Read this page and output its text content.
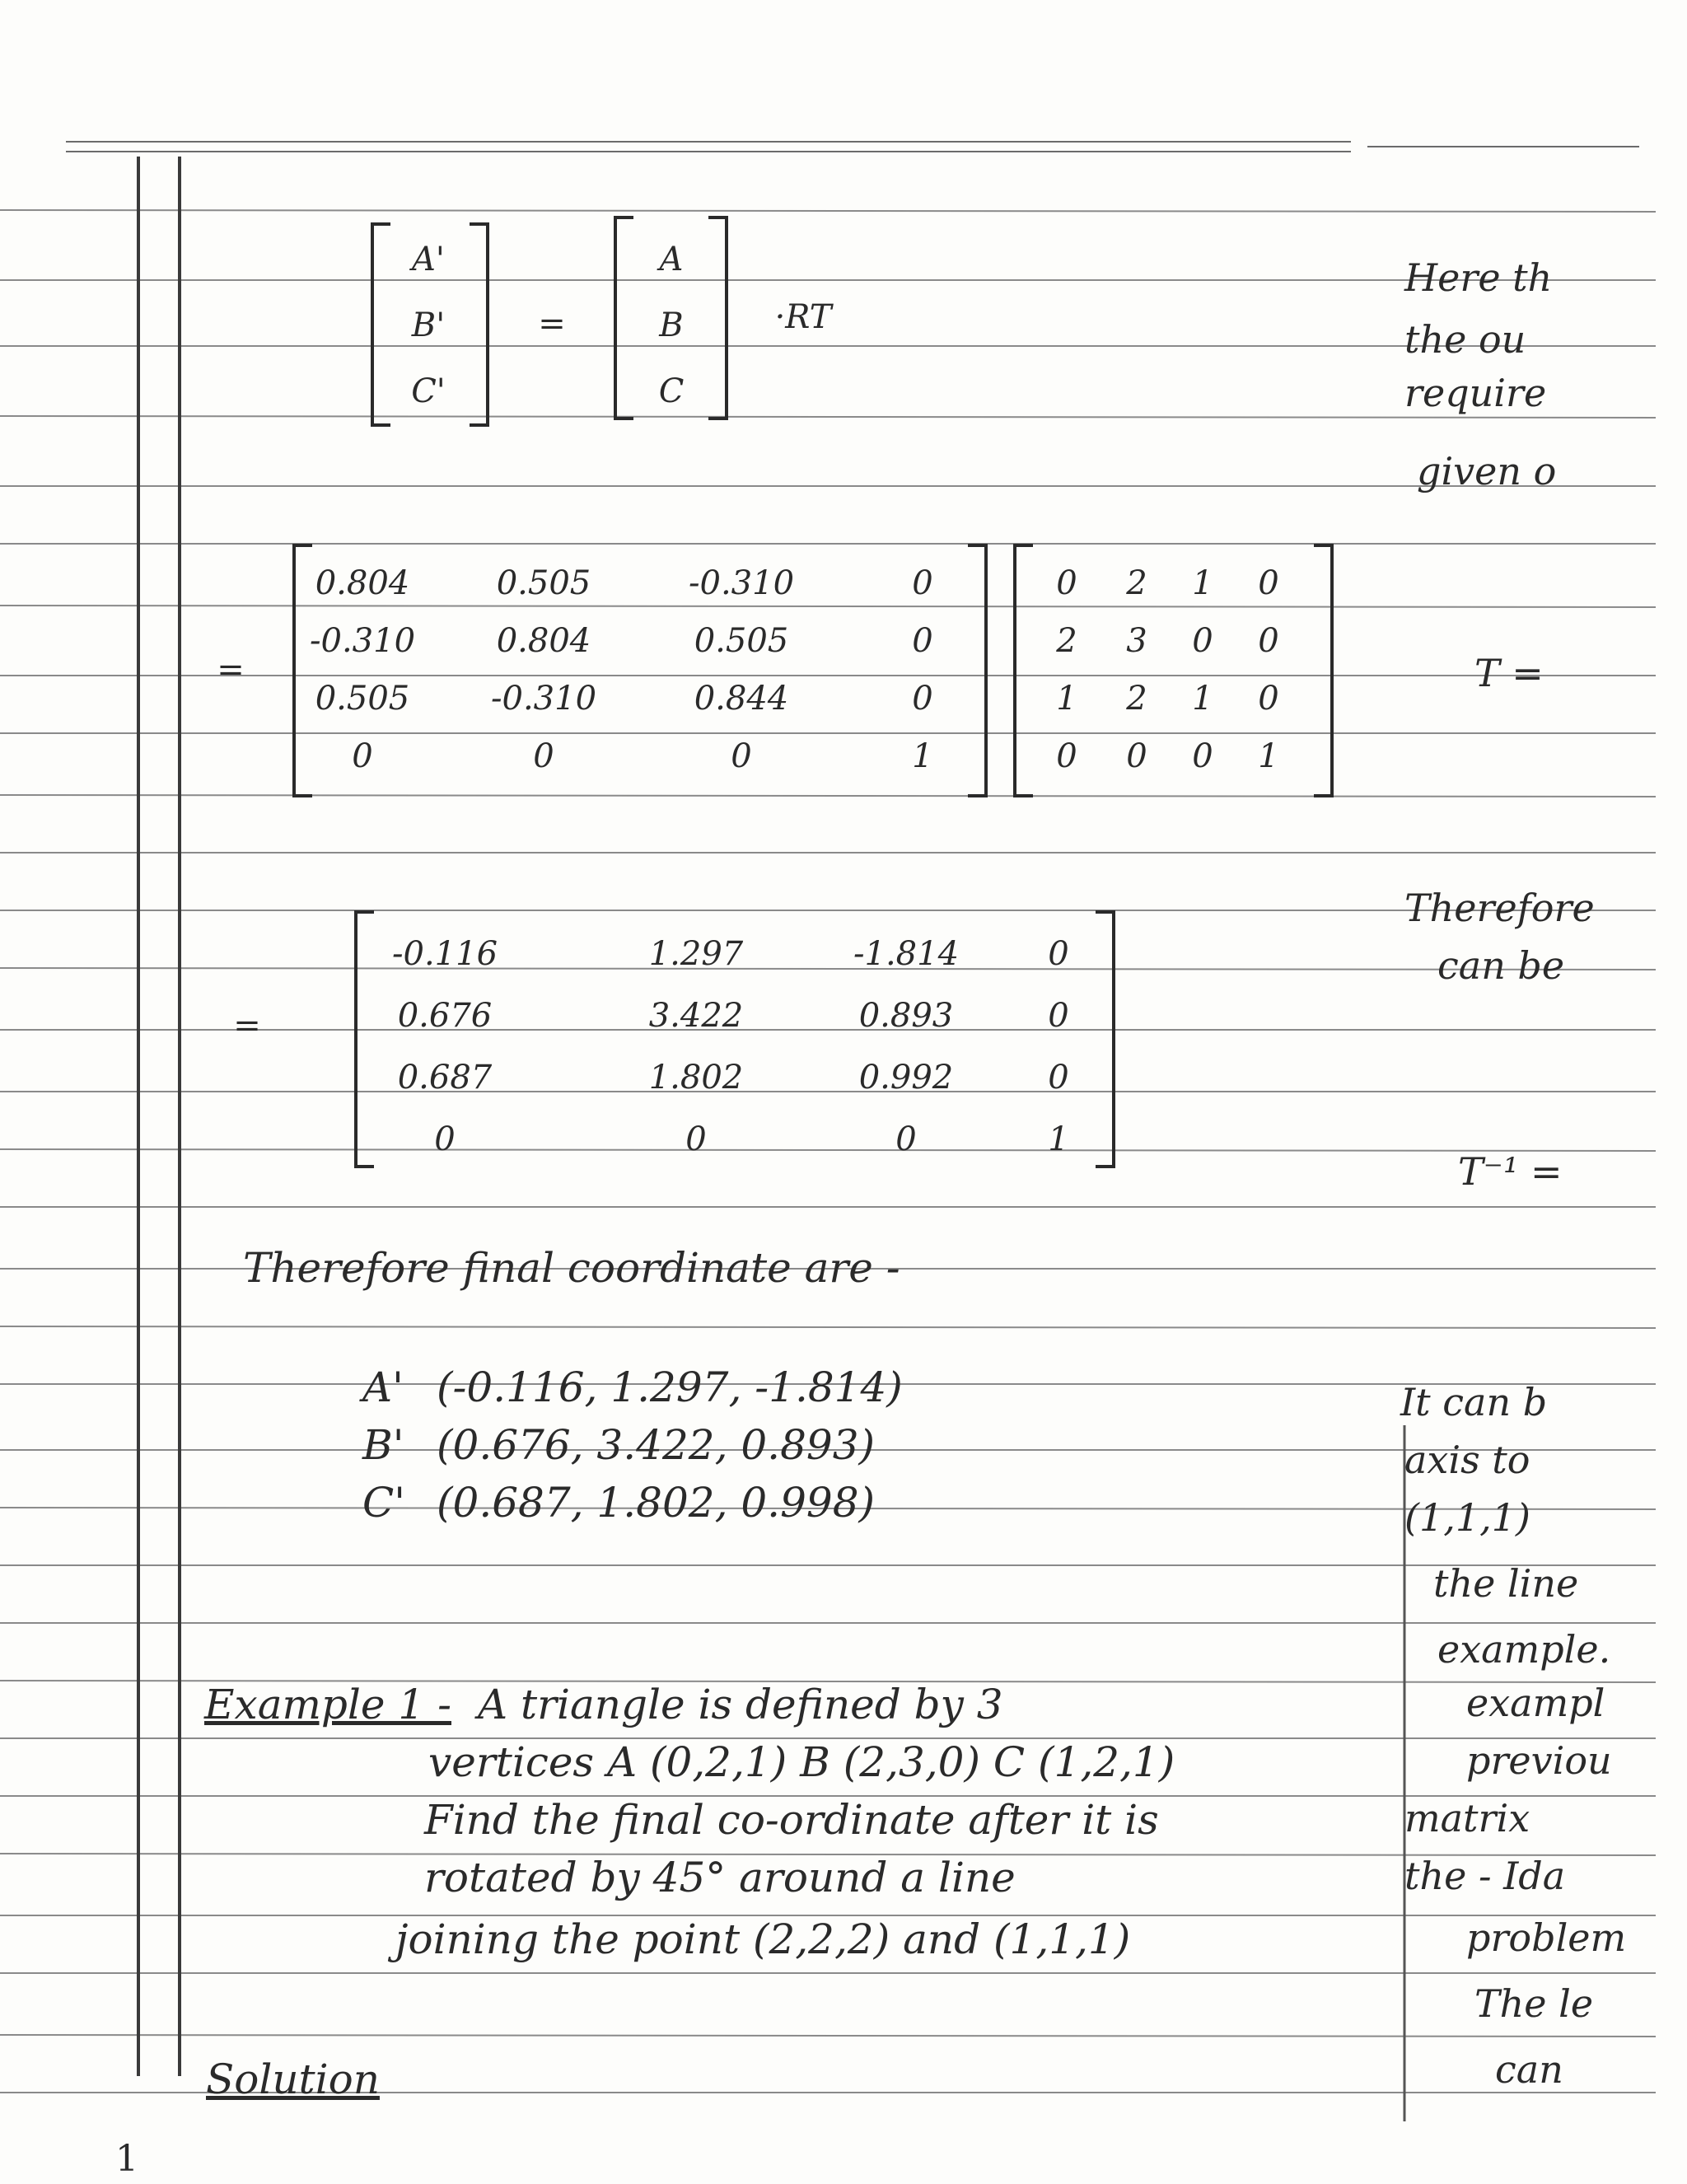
A'
B'
C'
=
A
B
C
·RT
=
0.804	0.505	-0.310	0
-0.310	0.804	0.505	0
0.505	-0.310	0.844	0
0	0	0	1
0	2	1	0
2	3	0	0
1	2	1	0
0	0	0	1
=
-0.116	1.297	-1.814	0
0.676	3.422	0.893	0
0.687	1.802	0.992	0
0	0	0	1
Therefore final coordinate are -
A' (-0.116, 1.297, -1.814)
B' (0.676, 3.422, 0.893)
C' (0.687, 1.802, 0.998)
Example 1 - A triangle is defined by 3
vertices A (0,2,1) B (2,3,0) C (1,2,1)
Find the final co-ordinate after it is
rotated by 45° around a line
joining the point (2,2,2) and (1,1,1)
Solution
Here th
the ou
require
given o
T =
Therefore
can be
T⁻¹ =
It can b
axis to
(1,1,1)
the line
example.
exampl
previou
matrix
the - Ida
problem
The le
can
1
